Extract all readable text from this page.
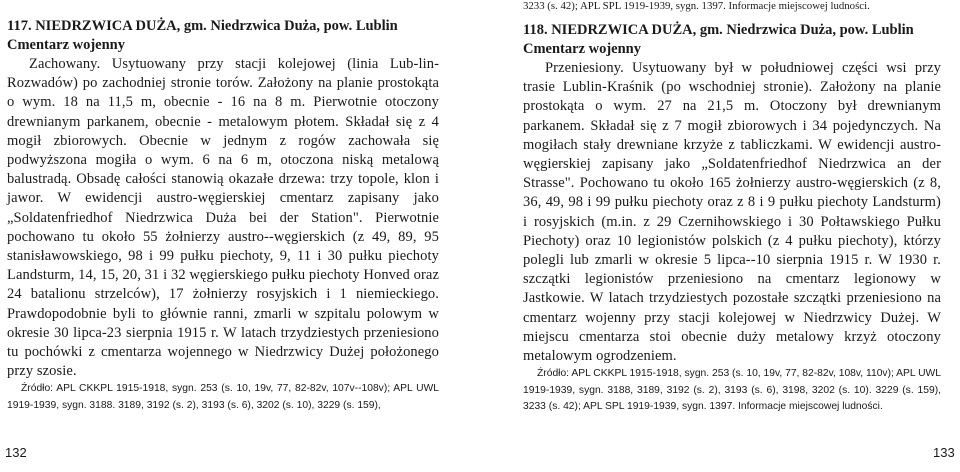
117. NIEDRZWICA DUŻA, gm. Niedrzwica Duża, pow. Lublin

Cmentarz wojenny

Zachowany. Usytuowany przy stacji kolejowej (linia Lub-lin-Rozwadów) po zachodniej stronie torów. Założony na planie prostokąta o wym. 18 na 11,5 m, obecnie - 16 na 8 m. Pierwotnie otoczony drewnianym parkanem, obecnie - metalowym płotem. Składał się z 4 mogił zbiorowych. Obecnie w jednym z rogów zachowała się podwyższona mogiła o wym. 6 na 6 m, otoczona niską metalową balustradą. Obsadę całości stanowią okazałe drzewa: trzy topole, klon i jawor. W ewidencji austro-węgierskiej cmentarz zapisany jako „Soldatenfriedhof Niedrzwica Duża bei der Station". Pierwotnie pochowano tu około 55 żołnierzy austro--węgierskich (z 49, 89, 95 stanisławowskiego, 98 i 99 pułku piechoty, 9, 11 i 30 pułku piechoty Landsturm, 14, 15, 20, 31 i 32 węgierskiego pułku piechoty Honved oraz 24 batalionu strzelców), 17 żołnierzy rosyjskich i 1 niemieckiego. Prawdopodobnie byli to głównie ranni, zmarli w szpitalu polowym w okresie 30 lipca-23 sierpnia 1915 r. W latach trzydziestych przeniesiono tu pochówki z cmentarza wojennego w Niedrzwicy Dużej położonego przy szosie.

Źródło: APL CKKPL 1915-1918, sygn. 253 (s. 10, 19v, 77, 82-82v, 107v--108v); APL UWL 1919-1939, sygn. 3188. 3189, 3192 (s. 2), 3193 (s. 6), 3202 (s. 10), 3229 (s. 159),

132

3233 (s. 42); APL SPL 1919-1939, sygn. 1397. Informacje miejscowej ludności.

118. NIEDRZWICA DUŻA, gm. Niedrzwica Duża, pow. Lublin

Cmentarz wojenny

Przeniesiony. Usytuowany był w południowej części wsi przy trasie Lublin-Kraśnik (po wschodniej stronie). Założony na planie prostokąta o wym. 27 na 21,5 m. Otoczony był drewnianym parkanem. Składał się z 7 mogił zbiorowych i 34 pojedynczych. Na mogiłach stały drewniane krzyże z tabliczkami. W ewidencji austro-węgierskiej zapisany jako „Soldatenfriedhof Niedrzwica an der Strasse". Pochowano tu około 165 żołnierzy austro-węgierskich (z 8, 36, 49, 98 i 99 pułku piechoty oraz z 8 i 9 pułku piechoty Landsturm) i rosyjskich (m.in. z 29 Czernihowskiego i 30 Połtawskiego Pułku Piechoty) oraz 10 legionistów polskich (z 4 pułku piechoty), którzy polegli lub zmarli w okresie 5 lipca--10 sierpnia 1915 r. W 1930 r. szczątki legionistów przeniesiono na cmentarz legionowy w Jastkowie. W latach trzydziestych pozostałe szczątki przeniesiono na cmentarz wojenny przy stacji kolejowej w Niedrzwicy Dużej. W miejscu cmentarza stoi obecnie duży metalowy krzyż otoczony metalowym ogrodzeniem.

Źródło: APL CKKPL 1915-1918, sygn. 253 (s. 10, 19v, 77, 82-82v, 108v, 110v); APL UWL 1919-1939, sygn. 3188, 3189, 3192 (s. 2), 3193 (s. 6), 3198, 3202 (s. 10). 3229 (s. 159), 3233 (s. 42); APL SPL 1919-1939, sygn. 1397. Informacje miejscowej ludności.

133
